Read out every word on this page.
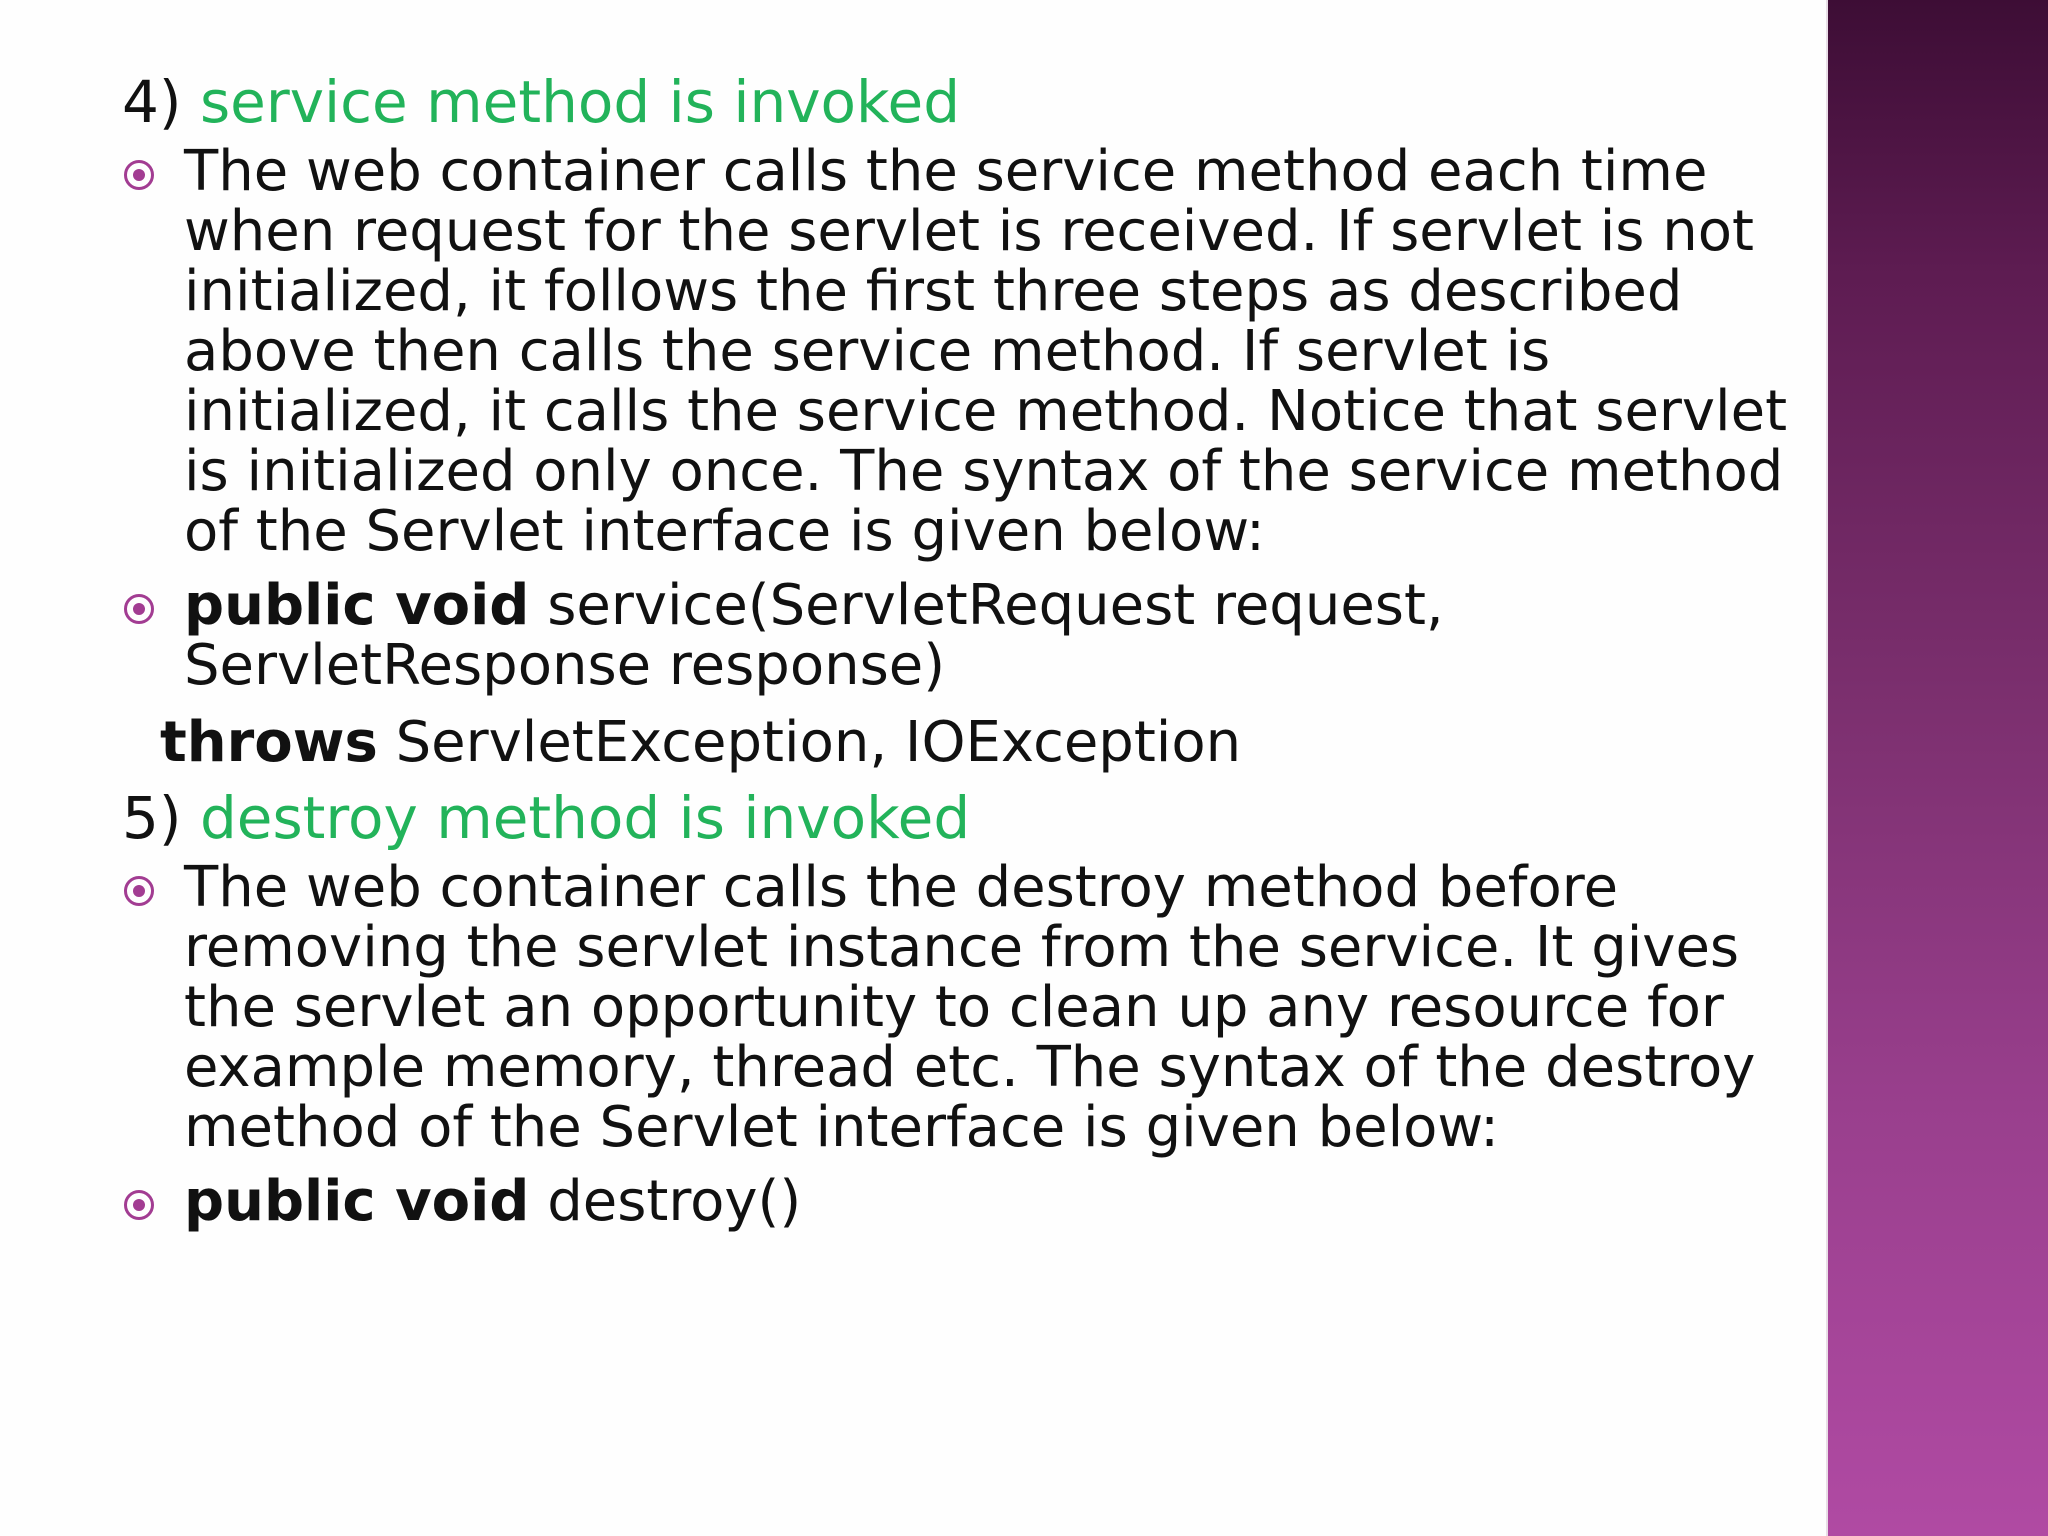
4) service method is invoked
The web container calls the service method each time when request for the servlet is received. If servlet is not initialized, it follows the first three steps as described above then calls the service method. If servlet is initialized, it calls the service method. Notice that servlet is initialized only once. The syntax of the service method of the Servlet interface is given below:
public void service(ServletRequest request, ServletResponse response)
throws ServletException, IOException
5) destroy method is invoked
The web container calls the destroy method before removing the servlet instance from the service. It gives the servlet an opportunity to clean up any resource for example memory, thread etc. The syntax of the destroy method of the Servlet interface is given below:
public void destroy()
